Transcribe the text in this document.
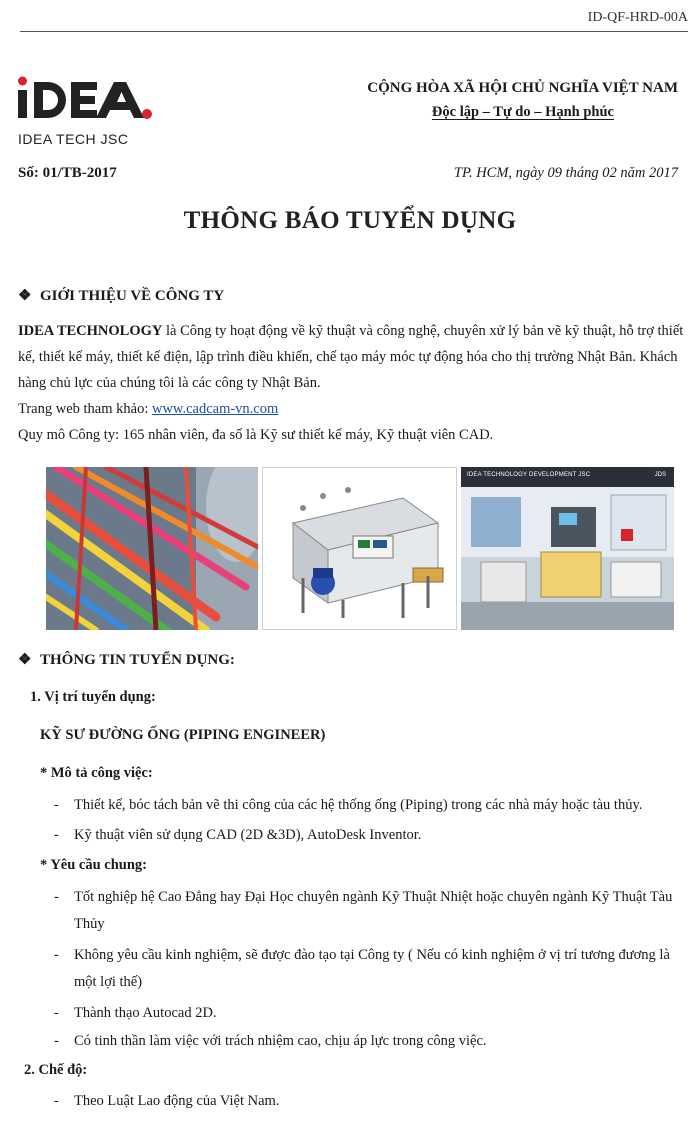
ID-QF-HRD-00A
IDEA TECH JSC
CỘNG HÒA XÃ HỘI CHỦ NGHĨA VIỆT NAM
Độc lập – Tự do – Hạnh phúc
Số: 01/TB-2017	TP. HCM, ngày 09 tháng 02 năm 2017
THÔNG BÁO TUYỂN DỤNG
❖ GIỚI THIỆU VỀ CÔNG TY

IDEA TECHNOLOGY là Công ty hoạt động về kỹ thuật và công nghệ, chuyên xử lý bản vẽ kỹ thuật, hỗ trợ thiết kế, thiết kế máy, thiết kế điện, lập trình điều khiển, chế tạo máy móc tự động hóa cho thị trường Nhật Bản. Khách hàng chủ lực của chúng tôi là các công ty Nhật Bản.

Trang web tham khảo: www.cadcam-vn.com

Quy mô Công ty: 165 nhân viên, đa số là Kỹ sư thiết kế máy, Kỹ thuật viên CAD.

IDEA TECHNOLOGY DEVELOPMENT JSC	JDS
❖ THÔNG TIN TUYỂN DỤNG:
1. Vị trí tuyển dụng:
KỸ SƯ ĐƯỜNG ỐNG (PIPING ENGINEER)
* Mô tả công việc:
- Thiết kế, bóc tách bản vẽ thi công của các hệ thống ống (Piping) trong các nhà máy hoặc tàu thủy.
- Kỹ thuật viên sử dụng CAD (2D &3D), AutoDesk Inventor.
* Yêu cầu chung:
- Tốt nghiệp hệ Cao Đẳng hay Đại Học chuyên ngành Kỹ Thuật Nhiệt hoặc chuyên ngành Kỹ Thuật Tàu Thủy
- Không yêu cầu kinh nghiệm, sẽ được đào tạo tại Công ty ( Nếu có kinh nghiệm ở vị trí tương đương là một lợi thế)
- Thành thạo Autocad 2D.
- Có tinh thần làm việc với trách nhiệm cao, chịu áp lực trong công việc.
2. Chế độ:
- Theo Luật Lao động của Việt Nam.
